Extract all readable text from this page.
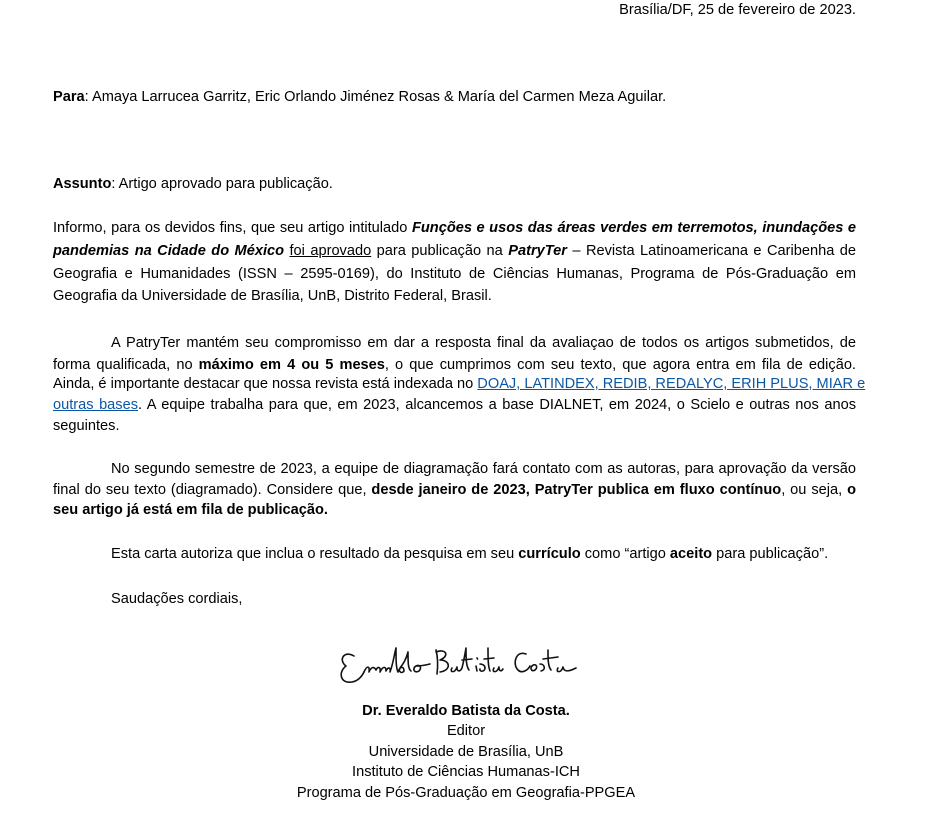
Brasília/DF, 25 de fevereiro de 2023.
Para: Amaya Larrucea Garritz, Eric Orlando Jiménez Rosas & María del Carmen Meza Aguilar.
Assunto: Artigo aprovado para publicação.
Informo, para os devidos fins, que seu artigo intitulado Funções e usos das áreas verdes em terremotos, inundações e
pandemias na Cidade do México foi aprovado para publicação na PatryTer – Revista Latinoamericana e Caribenha de
Geografia e Humanidades (ISSN – 2595-0169), do Instituto de Ciências Humanas, Programa de Pós-Graduação em
Geografia da Universidade de Brasília, UnB, Distrito Federal, Brasil.
A PatryTer mantém seu compromisso em dar a resposta final da avaliaçao de todos os artigos submetidos, de
forma qualificada, no máximo em 4 ou 5 meses, o que cumprimos com seu texto, que agora entra em fila de edição.
Ainda, é importante destacar que nossa revista está indexada no DOAJ, LATINDEX, REDIB, REDALYC, ERIH PLUS, MIAR e
outras bases. A equipe trabalha para que, em 2023, alcancemos a base DIALNET, em 2024, o Scielo e outras nos anos
seguintes.
No segundo semestre de 2023, a equipe de diagramação fará contato com as autoras, para aprovação da versão
final do seu texto (diagramado). Considere que, desde janeiro de 2023, PatryTer publica em fluxo contínuo, ou seja, o
seu artigo já está em fila de publicação.
Esta carta autoriza que inclua o resultado da pesquisa em seu currículo como “artigo aceito para publicação”.
Saudações cordiais,
Dr. Everaldo Batista da Costa.
Editor
Universidade de Brasília, UnB
Instituto de Ciências Humanas-ICH
Programa de Pós-Graduação em Geografia-PPGEA
